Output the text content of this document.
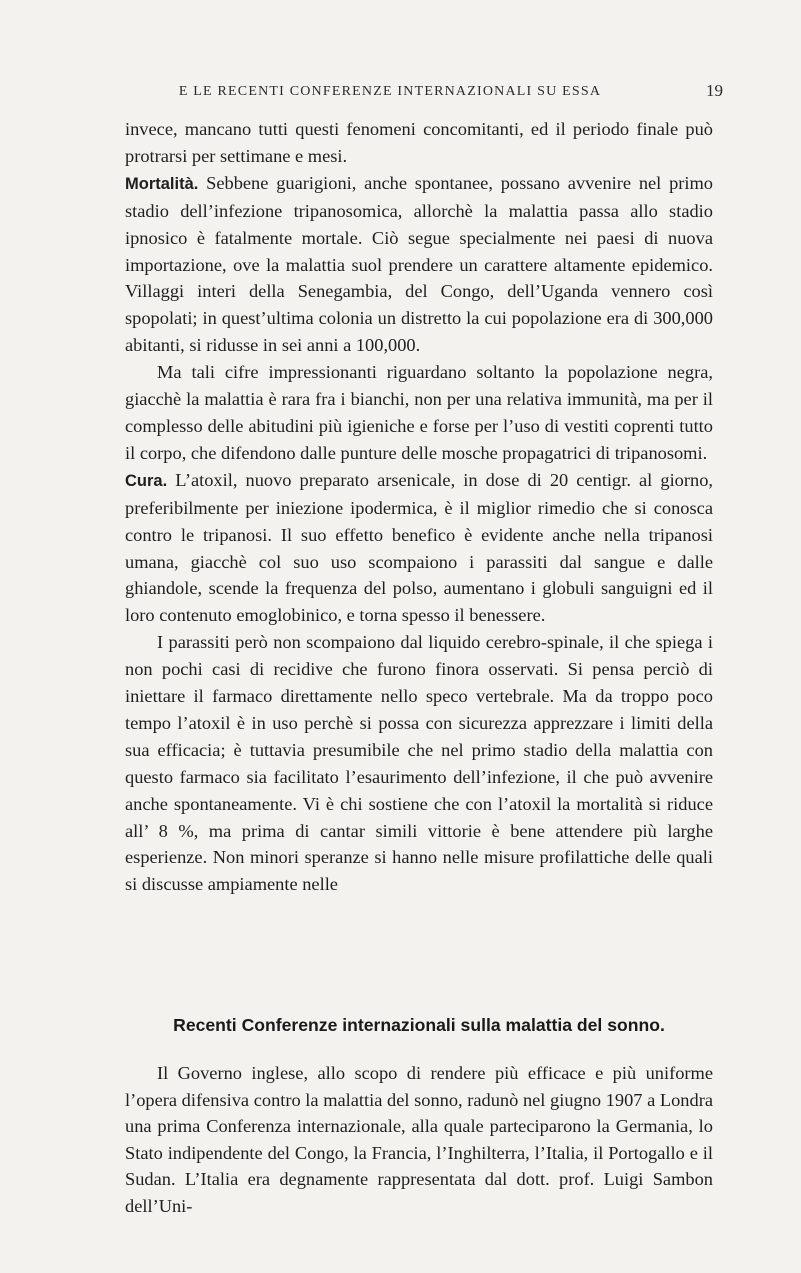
E LE RECENTI CONFERENZE INTERNAZIONALI SU ESSA	19

invece, mancano tutti questi fenomeni concomitanti, ed il periodo finale può protrarsi per settimane e mesi.

Mortalità. Sebbene guarigioni, anche spontanee, possano avvenire nel primo stadio dell’infezione tripanosomica, allorchè la malattia passa allo stadio ipnosico è fatalmente mortale. Ciò segue specialmente nei paesi di nuova importazione, ove la malattia suol prendere un carattere altamente epidemico. Villaggi interi della Senegambia, del Congo, dell’Uganda vennero così spopolati; in quest’ultima colonia un distretto la cui popolazione era di 300,000 abitanti, si ridusse in sei anni a 100,000.

Ma tali cifre impressionanti riguardano soltanto la popolazione negra, giacchè la malattia è rara fra i bianchi, non per una relativa immunità, ma per il complesso delle abitudini più igieniche e forse per l’uso di vestiti coprenti tutto il corpo, che difendono dalle punture delle mosche propagatrici di tripanosomi.

Cura. L’atoxil, nuovo preparato arsenicale, in dose di 20 centigr. al giorno, preferibilmente per iniezione ipodermica, è il miglior rimedio che si conosca contro le tripanosi. Il suo effetto benefico è evidente anche nella tripanosi umana, giacchè col suo uso scompaiono i parassiti dal sangue e dalle ghiandole, scende la frequenza del polso, aumentano i globuli sanguigni ed il loro contenuto emoglobinico, e torna spesso il benessere.

I parassiti però non scompaiono dal liquido cerebro-spinale, il che spiega i non pochi casi di recidive che furono finora osservati. Si pensa perciò di iniettare il farmaco direttamente nello speco vertebrale. Ma da troppo poco tempo l’atoxil è in uso perchè si possa con sicurezza apprezzare i limiti della sua efficacia; è tuttavia presumibile che nel primo stadio della malattia con questo farmaco sia facilitato l’esaurimento dell’infezione, il che può avvenire anche spontaneamente. Vi è chi sostiene che con l’atoxil la mortalità si riduce all’ 8 %, ma prima di cantar simili vittorie è bene attendere più larghe esperienze. Non minori speranze si hanno nelle misure profilattiche delle quali si discusse ampiamente nelle

Recenti Conferenze internazionali sulla malattia del sonno.

Il Governo inglese, allo scopo di rendere più efficace e più uniforme l’opera difensiva contro la malattia del sonno, radunò nel giugno 1907 a Londra una prima Conferenza internazionale, alla quale parteciparono la Germania, lo Stato indipendente del Congo, la Francia, l’Inghilterra, l’Italia, il Portogallo e il Sudan. L’Italia era degnamente rappresentata dal dott. prof. Luigi Sambon dell’Uni-
